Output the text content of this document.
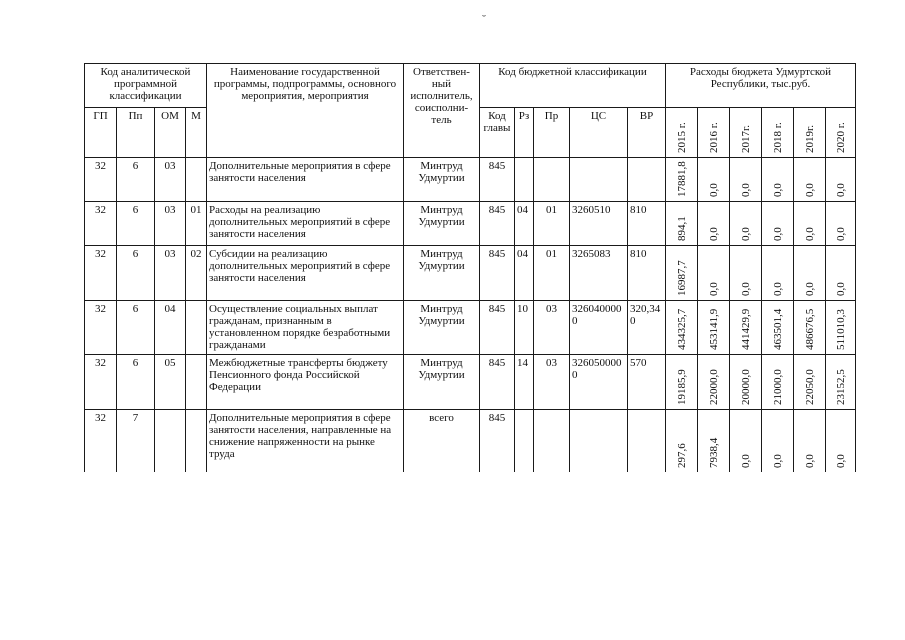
˘
Код аналитической программной классификации				Наименование государственной программы, подпрограммы, основного мероприятия, мероприятия	Ответствен-ный исполнитель, соисполни-тель	Код бюджетной классификации					Расходы бюджета Удмуртской Республики, тыс.руб.					
ГП	Пп	ОМ	М			Код главы	Рз	Пр	ЦС	ВР	2015 г.	2016 г.	2017г.	2018 г.	2019г.	2020 г.

32	6	03		Дополнительные мероприятия в сфере занятости населения	Минтруд Удмуртии	845					17881,8	0,0	0,0	0,0	0,0	0,0

32	6	03	01	Расходы на реализацию дополнительных мероприятий в сфере занятости населения	Минтруд Удмуртии	845	04	01	3260510	810	894,1	0,0	0,0	0,0	0,0	0,0

32	6	03	02	Субсидии на реализацию дополнительных мероприятий в сфере занятости населения	Минтруд Удмуртии	845	04	01	3265083	810	16987,7	0,0	0,0	0,0	0,0	0,0

32	6	04		Осуществление социальных выплат гражданам, признанным в установленном порядке безработными гражданами	Минтруд Удмуртии	845	10	03	3260400000	320,340	434325,7	453141,9	441429,9	463501,4	486676,5	511010,3

32	6	05		Межбюджетные трансферты бюджету Пенсионного фонда Российской Федерации	Минтруд Удмуртии	845	14	03	3260500000	570	19185,9	22000,0	20000,0	21000,0	22050,0	23152,5

32	7			Дополнительные мероприятия в сфере занятости населения, направленные на снижение напряженности на рынке труда	всего	845					297,6	7938,4	0,0	0,0	0,0	0,0
